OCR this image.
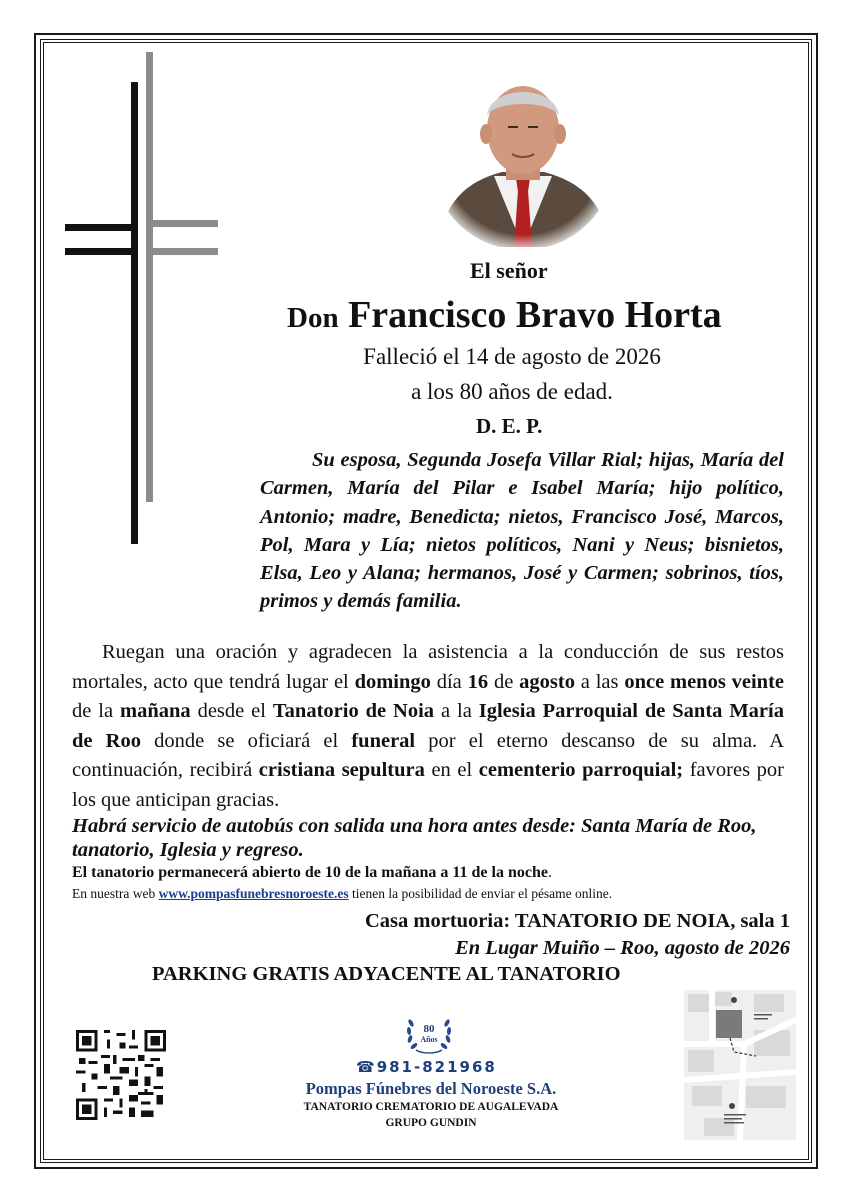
El señor

Don Francisco Bravo Horta

Falleció el 14 de agosto de 2026

a los 80 años de edad.

D. E. P.

Su esposa, Segunda Josefa Villar Rial; hijas, María del Carmen, María del Pilar e Isabel María; hijo político, Antonio; madre, Benedicta; nietos, Francisco José, Marcos, Pol, Mara y Lía; nietos políticos, Nani y Neus; bisnietos, Elsa, Leo y Alana; hermanos, José y Carmen; sobrinos, tíos, primos y demás familia.

Ruegan una oración y agradecen la asistencia a la conducción de sus restos mortales, acto que tendrá lugar el domingo día 16 de agosto a las once menos veinte de la mañana desde el Tanatorio de Noia a la Iglesia Parroquial de Santa María de Roo donde se oficiará el funeral por el eterno descanso de su alma. A continuación, recibirá cristiana sepultura en el cementerio parroquial; favores por los que anticipan gracias.

Habrá servicio de autobús con salida una hora antes desde: Santa María de Roo, tanatorio, Iglesia y regreso.

El tanatorio permanecerá abierto de 10 de la mañana a 11 de la noche.

En nuestra web www.pompasfunebresnoroeste.es tienen la posibilidad de enviar el pésame online.

Casa mortuoria: TANATORIO DE NOIA, sala 1

En Lugar Muiño – Roo, agosto de 2026

PARKING GRATIS ADYACENTE AL TANATORIO

80
Años

☎981-821968

Pompas Fúnebres del Noroeste S.A.

TANATORIO CREMATORIO DE AUGALEVADA

GRUPO GUNDIN
